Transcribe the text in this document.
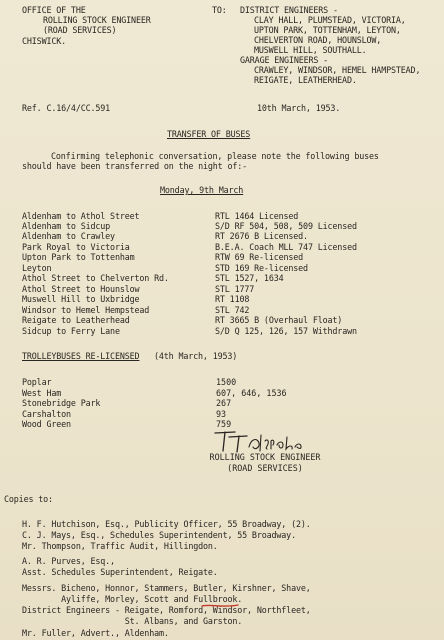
OFFICE OF THE
ROLLING STOCK ENGINEER
(ROAD SERVICES)
CHISWICK.
TO: DISTRICT ENGINEERS -
CLAY HALL, PLUMSTEAD, VICTORIA,
UPTON PARK, TOTTENHAM, LEYTON,
CHELVERTON ROAD, HOUNSLOW,
MUSWELL HILL, SOUTHALL.
GARAGE ENGINEERS -
CRAWLEY, WINDSOR, HEMEL HAMPSTEAD,
REIGATE, LEATHERHEAD.
Ref. C.16/4/CC.591	10th March, 1953.
TRANSFER OF BUSES
Confirming telephonic conversation, please note the following buses
should have been transferred on the night of:-
Monday, 9th March
Aldenham to Athol Street	RTL 1464 Licensed
Aldenham to Sidcup	S/D RF 504, 508, 509 Licensed
Aldenham to Crawley	RT 2676 B Licensed.
Park Royal to Victoria	B.E.A. Coach MLL 747 Licensed
Upton Park to Tottenham	RTW 69 Re-licensed
Leyton	STD 169 Re-licensed
Athol Street to Chelverton Rd.	STL 1527, 1634
Athol Street to Hounslow	STL 1777
Muswell Hill to Uxbridge	RT 1108
Windsor to Hemel Hempstead	STL 742
Reigate to Leatherhead	RT 3665 B (Overhaul Float)
Sidcup to Ferry Lane	S/D Q 125, 126, 157 Withdrawn
TROLLEYBUSES RE-LICENSED (4th March, 1953)
Poplar	1500
West Ham	607, 646, 1536
Stonebridge Park	267
Carshalton	93
Wood Green	759
ROLLING STOCK ENGINEER
(ROAD SERVICES)
Copies to:
H. F. Hutchison, Esq., Publicity Officer, 55 Broadway, (2).
C. J. Mays, Esq., Schedules Superintendent, 55 Broadway.
Mr. Thompson, Traffic Audit, Hillingdon.
A. R. Purves, Esq.,
Asst. Schedules Superintendent, Reigate.
Messrs. Bicheno, Honnor, Stammers, Butler, Kirshner, Shave,
Ayliffe, Morley, Scott and Fullbrook.
District Engineers - Reigate, Romford, Windsor, Northfleet,
St. Albans, and Garston.
Mr. Fuller, Advert., Aldenham.
